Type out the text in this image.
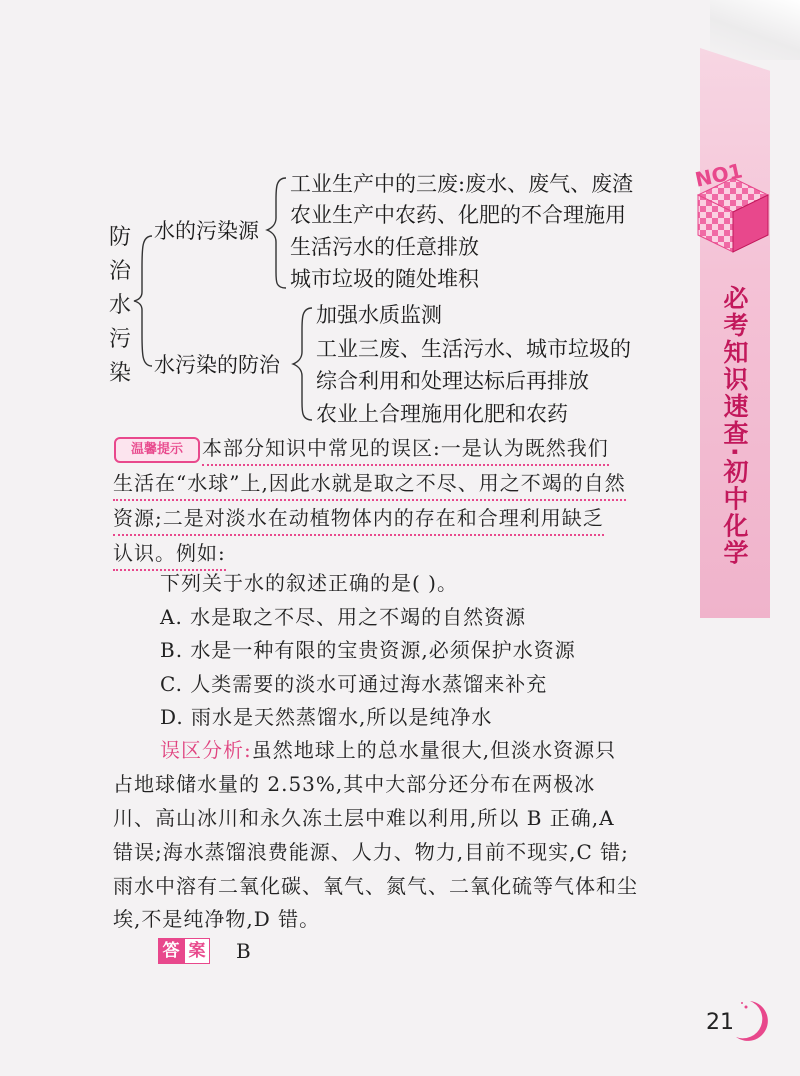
NO1
必考知识速查·初中化学
防
治
水
污
染
水的污染源
工业生产中的三废:废水、废气、废渣
农业生产中农药、化肥的不合理施用
生活污水的任意排放
城市垃圾的随处堆积
水污染的防治
加强水质监测
工业三废、生活污水、城市垃圾的
综合利用和处理达标后再排放
农业上合理施用化肥和农药
温馨提示 本部分知识中常见的误区:一是认为既然我们
生活在“水球”上,因此水就是取之不尽、用之不竭的自然
资源;二是对淡水在动植物体内的存在和合理利用缺乏
认识。例如:
下列关于水的叙述正确的是( )。
A. 水是取之不尽、用之不竭的自然资源
B. 水是一种有限的宝贵资源,必须保护水资源
C. 人类需要的淡水可通过海水蒸馏来补充
D. 雨水是天然蒸馏水,所以是纯净水
误区分析:虽然地球上的总水量很大,但淡水资源只
占地球储水量的 2.53%,其中大部分还分布在两极冰
川、高山冰川和永久冻土层中难以利用,所以 B 正确,A
错误;海水蒸馏浪费能源、人力、物力,目前不现实,C 错;
雨水中溶有二氧化碳、氧气、氮气、二氧化硫等气体和尘
埃,不是纯净物,D 错。
答 案 B
21
